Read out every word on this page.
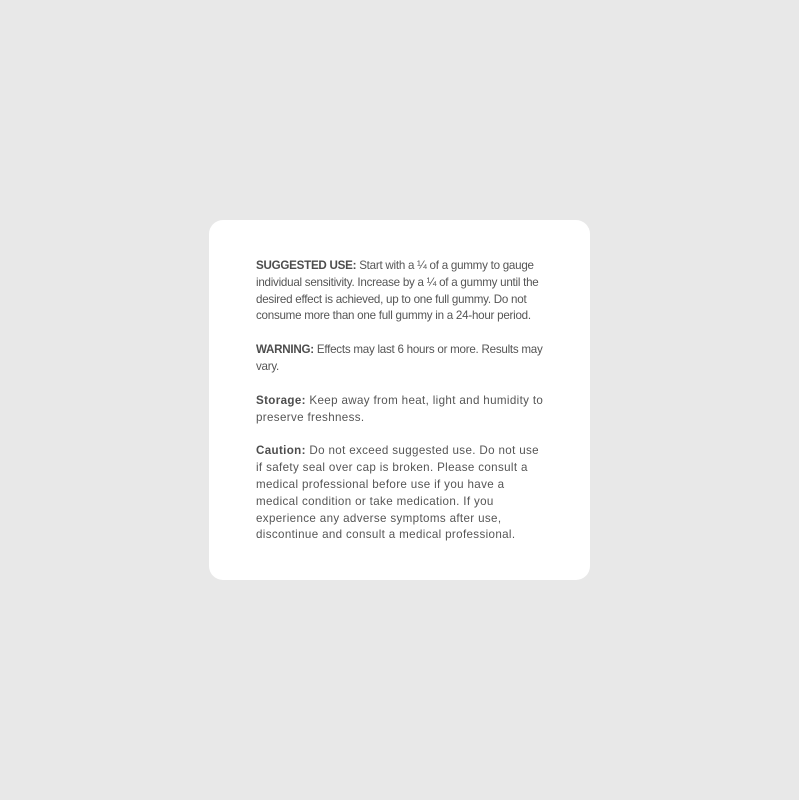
SUGGESTED USE: Start with a ¼ of a gummy to gauge individual sensitivity. Increase by a ¼ of a gummy until the desired effect is achieved, up to one full gummy. Do not consume more than one full gummy in a 24-hour period.

WARNING: Effects may last 6 hours or more. Results may vary.

Storage: Keep away from heat, light and humidity to preserve freshness.

Caution: Do not exceed suggested use. Do not use if safety seal over cap is broken. Please consult a medical professional before use if you have a medical condition or take medication. If you experience any adverse symptoms after use, discontinue and consult a medical professional.
